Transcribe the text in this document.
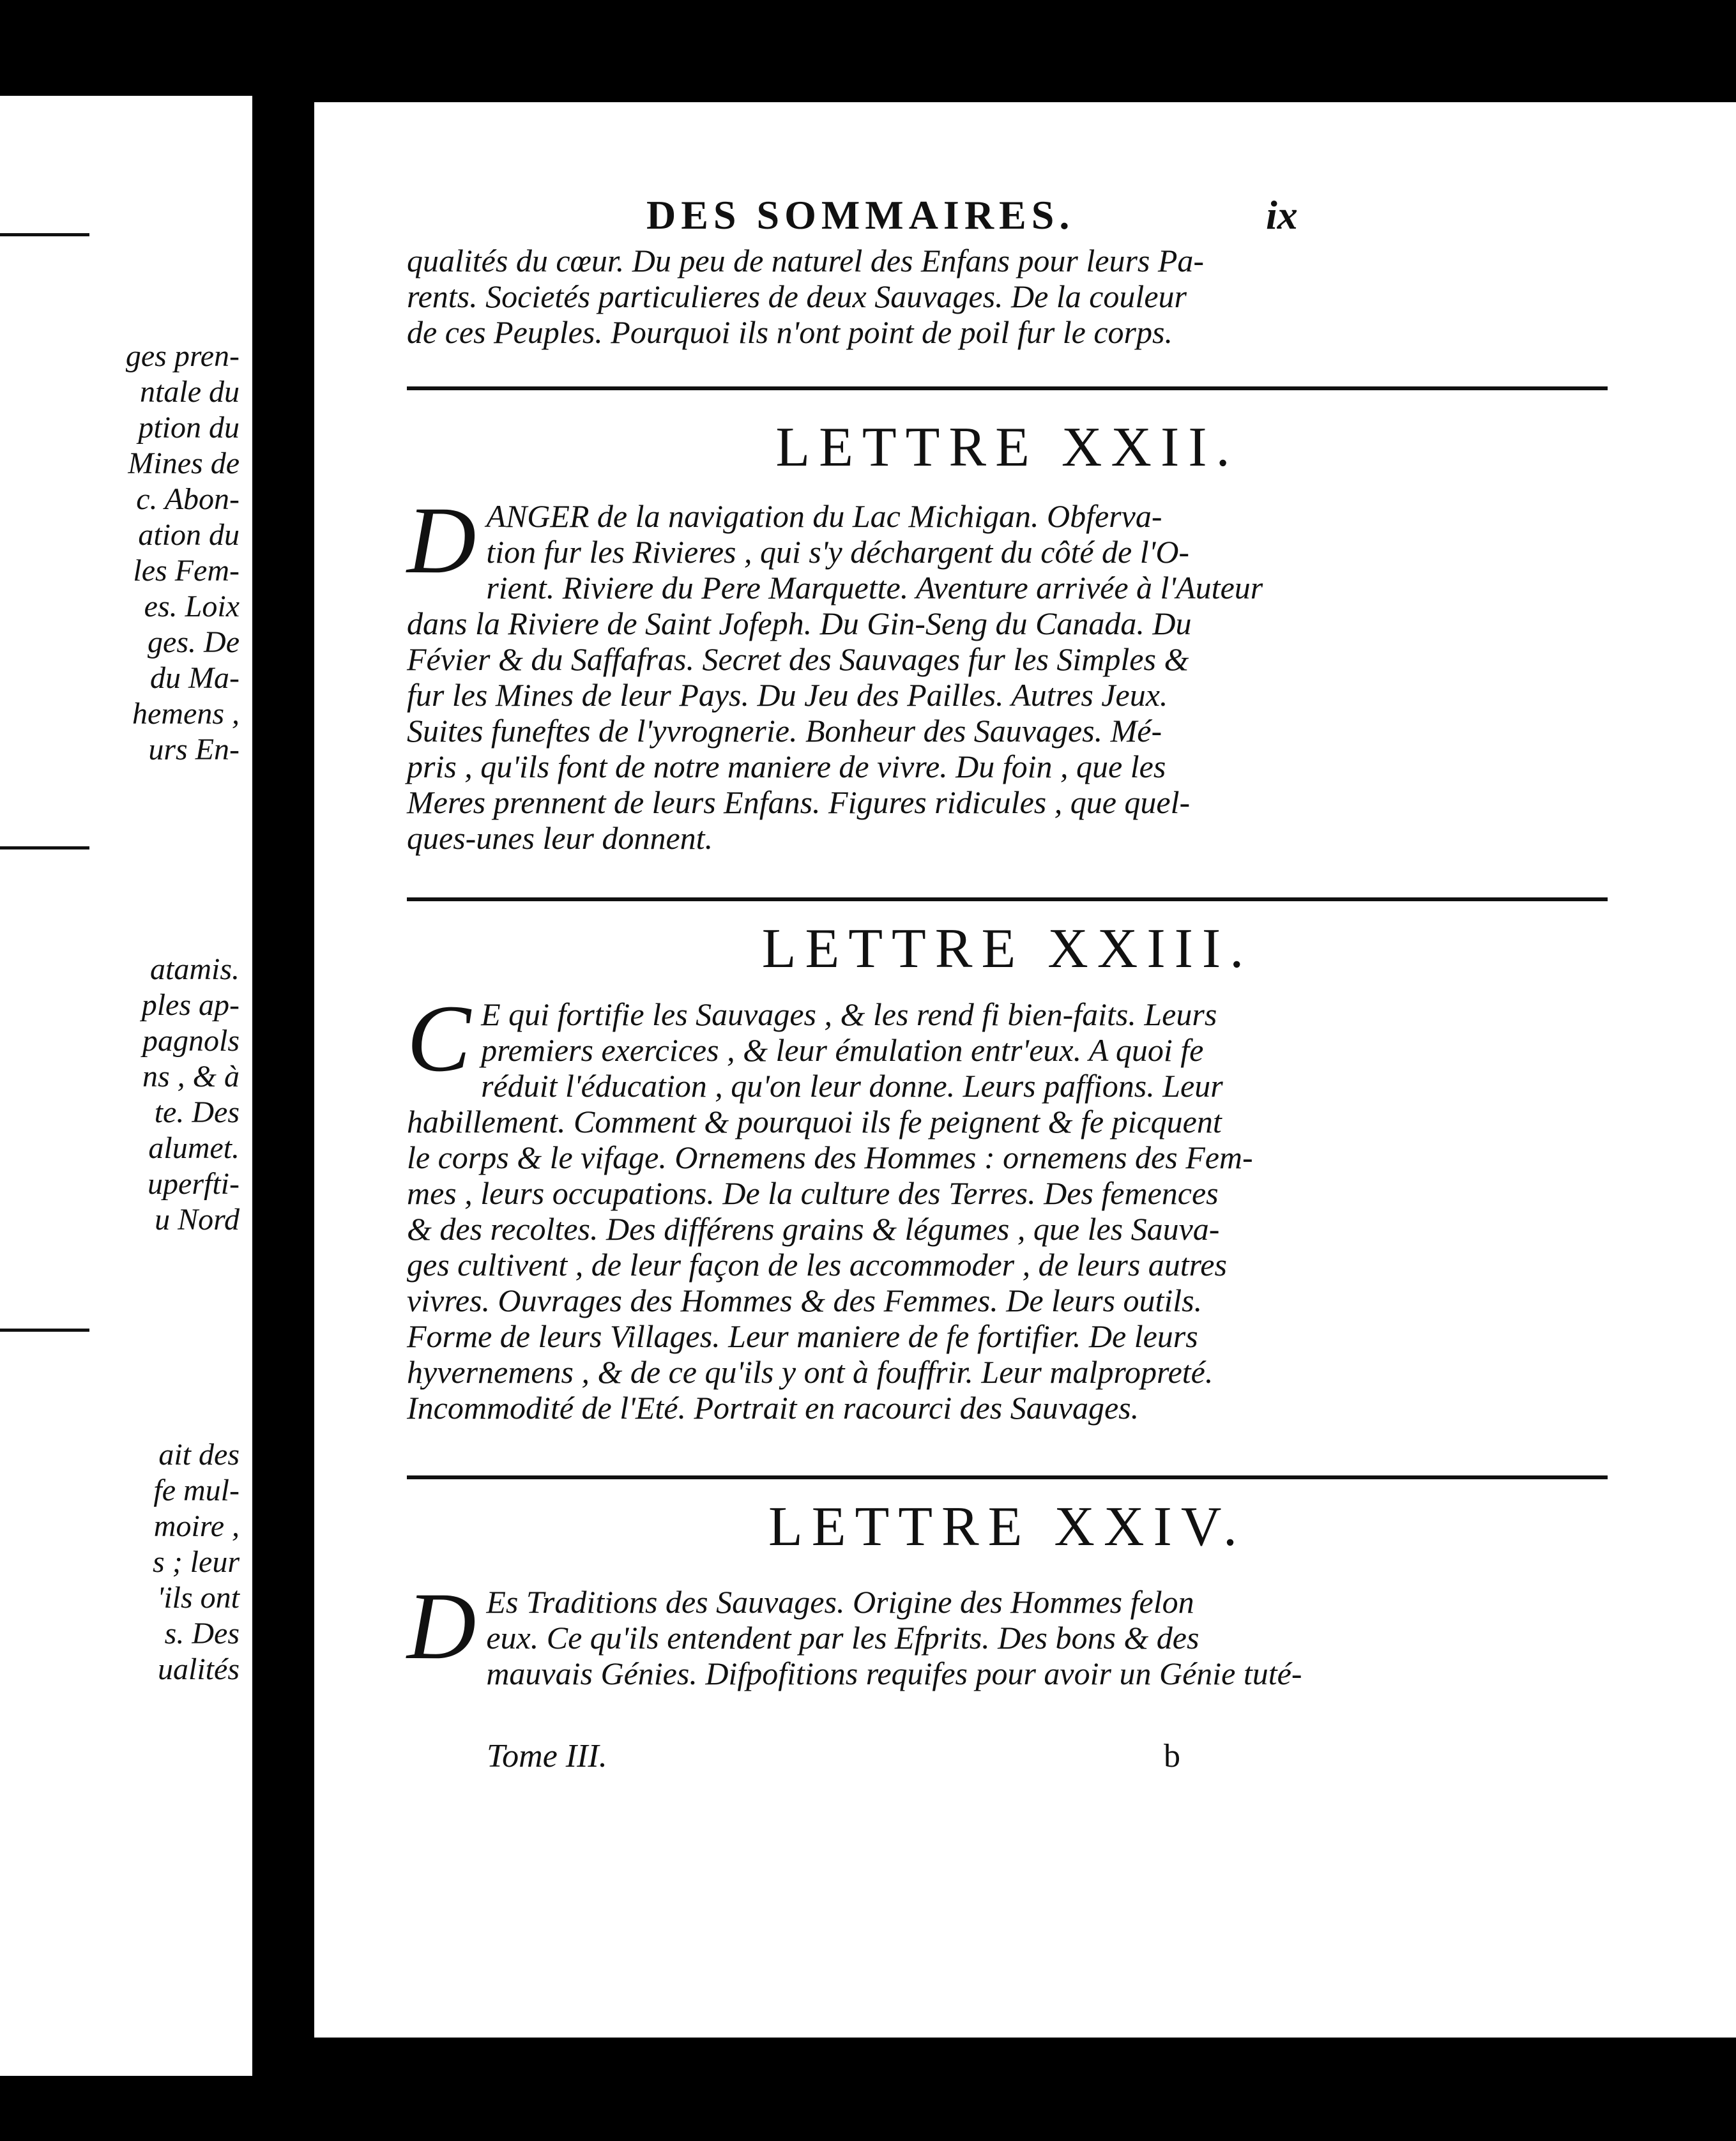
ges pren-
ntale du
ption du
Mines de
c. Abon-
ation du
les Fem-
es. Loix
ges. De
du Ma-
hemens ,
urs En-
atamis.
ples ap-
pagnols
ns , & à
te. Des
alumet.
uperfti-
u Nord
ait des
fe mul-
moire ,
s ; leur
'ils ont
s. Des
ualités
DES SOMMAIRES.	ix
qualités du cœur. Du peu de naturel des Enfans pour leurs Pa-
rents. Societés particulieres de deux Sauvages. De la couleur
de ces Peuples. Pourquoi ils n'ont point de poil fur le corps.
LETTRE XXII.
D ANGER de la navigation du Lac Michigan. Obferva-
tion fur les Rivieres , qui s'y déchargent du côté de l'O-
rient. Riviere du Pere Marquette. Aventure arrivée à l'Auteur
dans la Riviere de Saint Jofeph. Du Gin-Seng du Canada. Du
Févier & du Saffafras. Secret des Sauvages fur les Simples &
fur les Mines de leur Pays. Du Jeu des Pailles. Autres Jeux.
Suites funeftes de l'yvrognerie. Bonheur des Sauvages. Mé-
pris , qu'ils font de notre maniere de vivre. Du foin , que les
Meres prennent de leurs Enfans. Figures ridicules , que quel-
ques-unes leur donnent.
LETTRE XXIII.
C E qui fortifie les Sauvages , & les rend fi bien-faits. Leurs
premiers exercices , & leur émulation entr'eux. A quoi fe
réduit l'éducation , qu'on leur donne. Leurs paffions. Leur
habillement. Comment & pourquoi ils fe peignent & fe picquent
le corps & le vifage. Ornemens des Hommes : ornemens des Fem-
mes , leurs occupations. De la culture des Terres. Des femences
& des recoltes. Des différens grains & légumes , que les Sauva-
ges cultivent , de leur façon de les accommoder , de leurs autres
vivres. Ouvrages des Hommes & des Femmes. De leurs outils.
Forme de leurs Villages. Leur maniere de fe fortifier. De leurs
hyvernemens , & de ce qu'ils y ont à fouffrir. Leur malpropreté.
Incommodité de l'Eté. Portrait en racourci des Sauvages.
LETTRE XXIV.
D Es Traditions des Sauvages. Origine des Hommes felon
eux. Ce qu'ils entendent par les Efprits. Des bons & des
mauvais Génies. Difpofitions requifes pour avoir un Génie tuté-
Tome III.	b
